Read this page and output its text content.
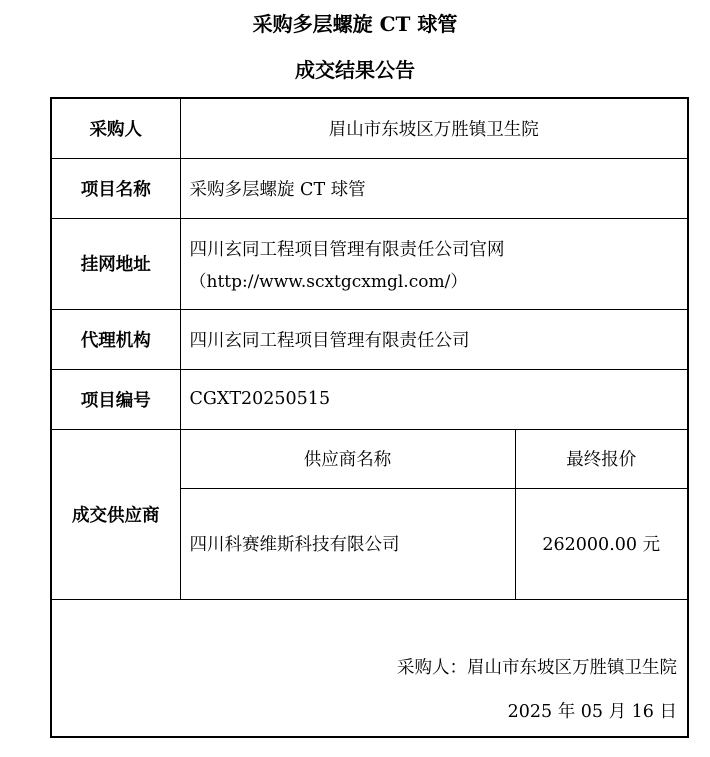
采购多层螺旋 CT 球管
成交结果公告
采购人	眉山市东坡区万胜镇卫生院	
项目名称	采购多层螺旋 CT 球管	
挂网地址	四川玄同工程项目管理有限责任公司官网
（http://www.scxtgcxmgl.com/）	

代理机构	四川玄同工程项目管理有限责任公司	
项目编号	CGXT20250515	
成交供应商	供应商名称	最终报价
	四川科赛维斯科技有限公司	262000.00 元

采购人：眉山市东坡区万胜镇卫生院
2025 年 05 月 16 日		
